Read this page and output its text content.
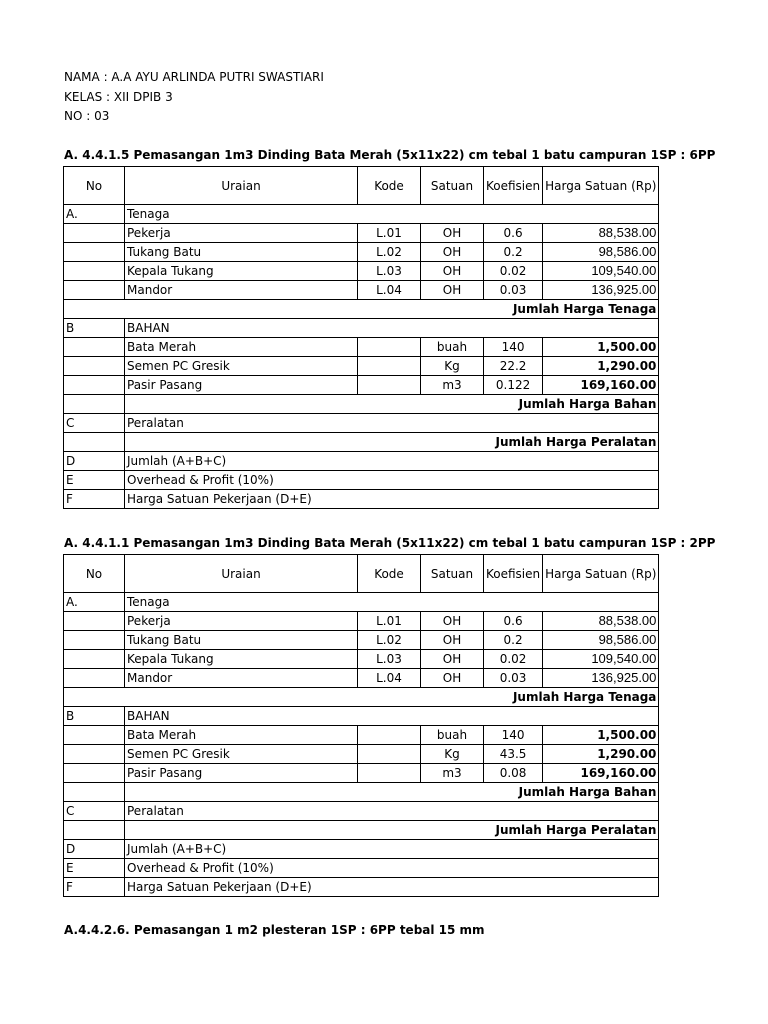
NAMA : A.A AYU ARLINDA PUTRI SWASTIARI
KELAS : XII DPIB 3
NO : 03
A. 4.4.1.5 Pemasangan 1m3 Dinding Bata Merah (5x11x22) cm tebal 1 batu campuran 1SP : 6PP
No	Uraian	Kode	Satuan	Koefisien	Harga Satuan (Rp)
A.	Tenaga				
	Pekerja	L.01	OH	0.6	88,538.00
	Tukang Batu	L.02	OH	0.2	98,586.00
	Kepala Tukang	L.03	OH	0.02	109,540.00
	Mandor	L.04	OH	0.03	136,925.00
Jumlah Harga Tenaga					
B	BAHAN				
	Bata Merah		buah	140	1,500.00
	Semen PC Gresik		Kg	22.2	1,290.00
	Pasir Pasang		m3	0.122	169,160.00
	Jumlah Harga Bahan				
C	Peralatan				
	Jumlah Harga Peralatan				
D	Jumlah (A+B+C)				
E	Overhead & Profit (10%)				
F	Harga Satuan Pekerjaan (D+E)				
A. 4.4.1.1 Pemasangan 1m3 Dinding Bata Merah (5x11x22) cm tebal 1 batu campuran 1SP : 2PP
No	Uraian	Kode	Satuan	Koefisien	Harga Satuan (Rp)
A.	Tenaga				
	Pekerja	L.01	OH	0.6	88,538.00
	Tukang Batu	L.02	OH	0.2	98,586.00
	Kepala Tukang	L.03	OH	0.02	109,540.00
	Mandor	L.04	OH	0.03	136,925.00
Jumlah Harga Tenaga					
B	BAHAN				
	Bata Merah		buah	140	1,500.00
	Semen PC Gresik		Kg	43.5	1,290.00
	Pasir Pasang		m3	0.08	169,160.00
	Jumlah Harga Bahan				
C	Peralatan				
	Jumlah Harga Peralatan				
D	Jumlah (A+B+C)				
E	Overhead & Profit (10%)				
F	Harga Satuan Pekerjaan (D+E)				
A.4.4.2.6. Pemasangan 1 m2 plesteran 1SP : 6PP tebal 15 mm
